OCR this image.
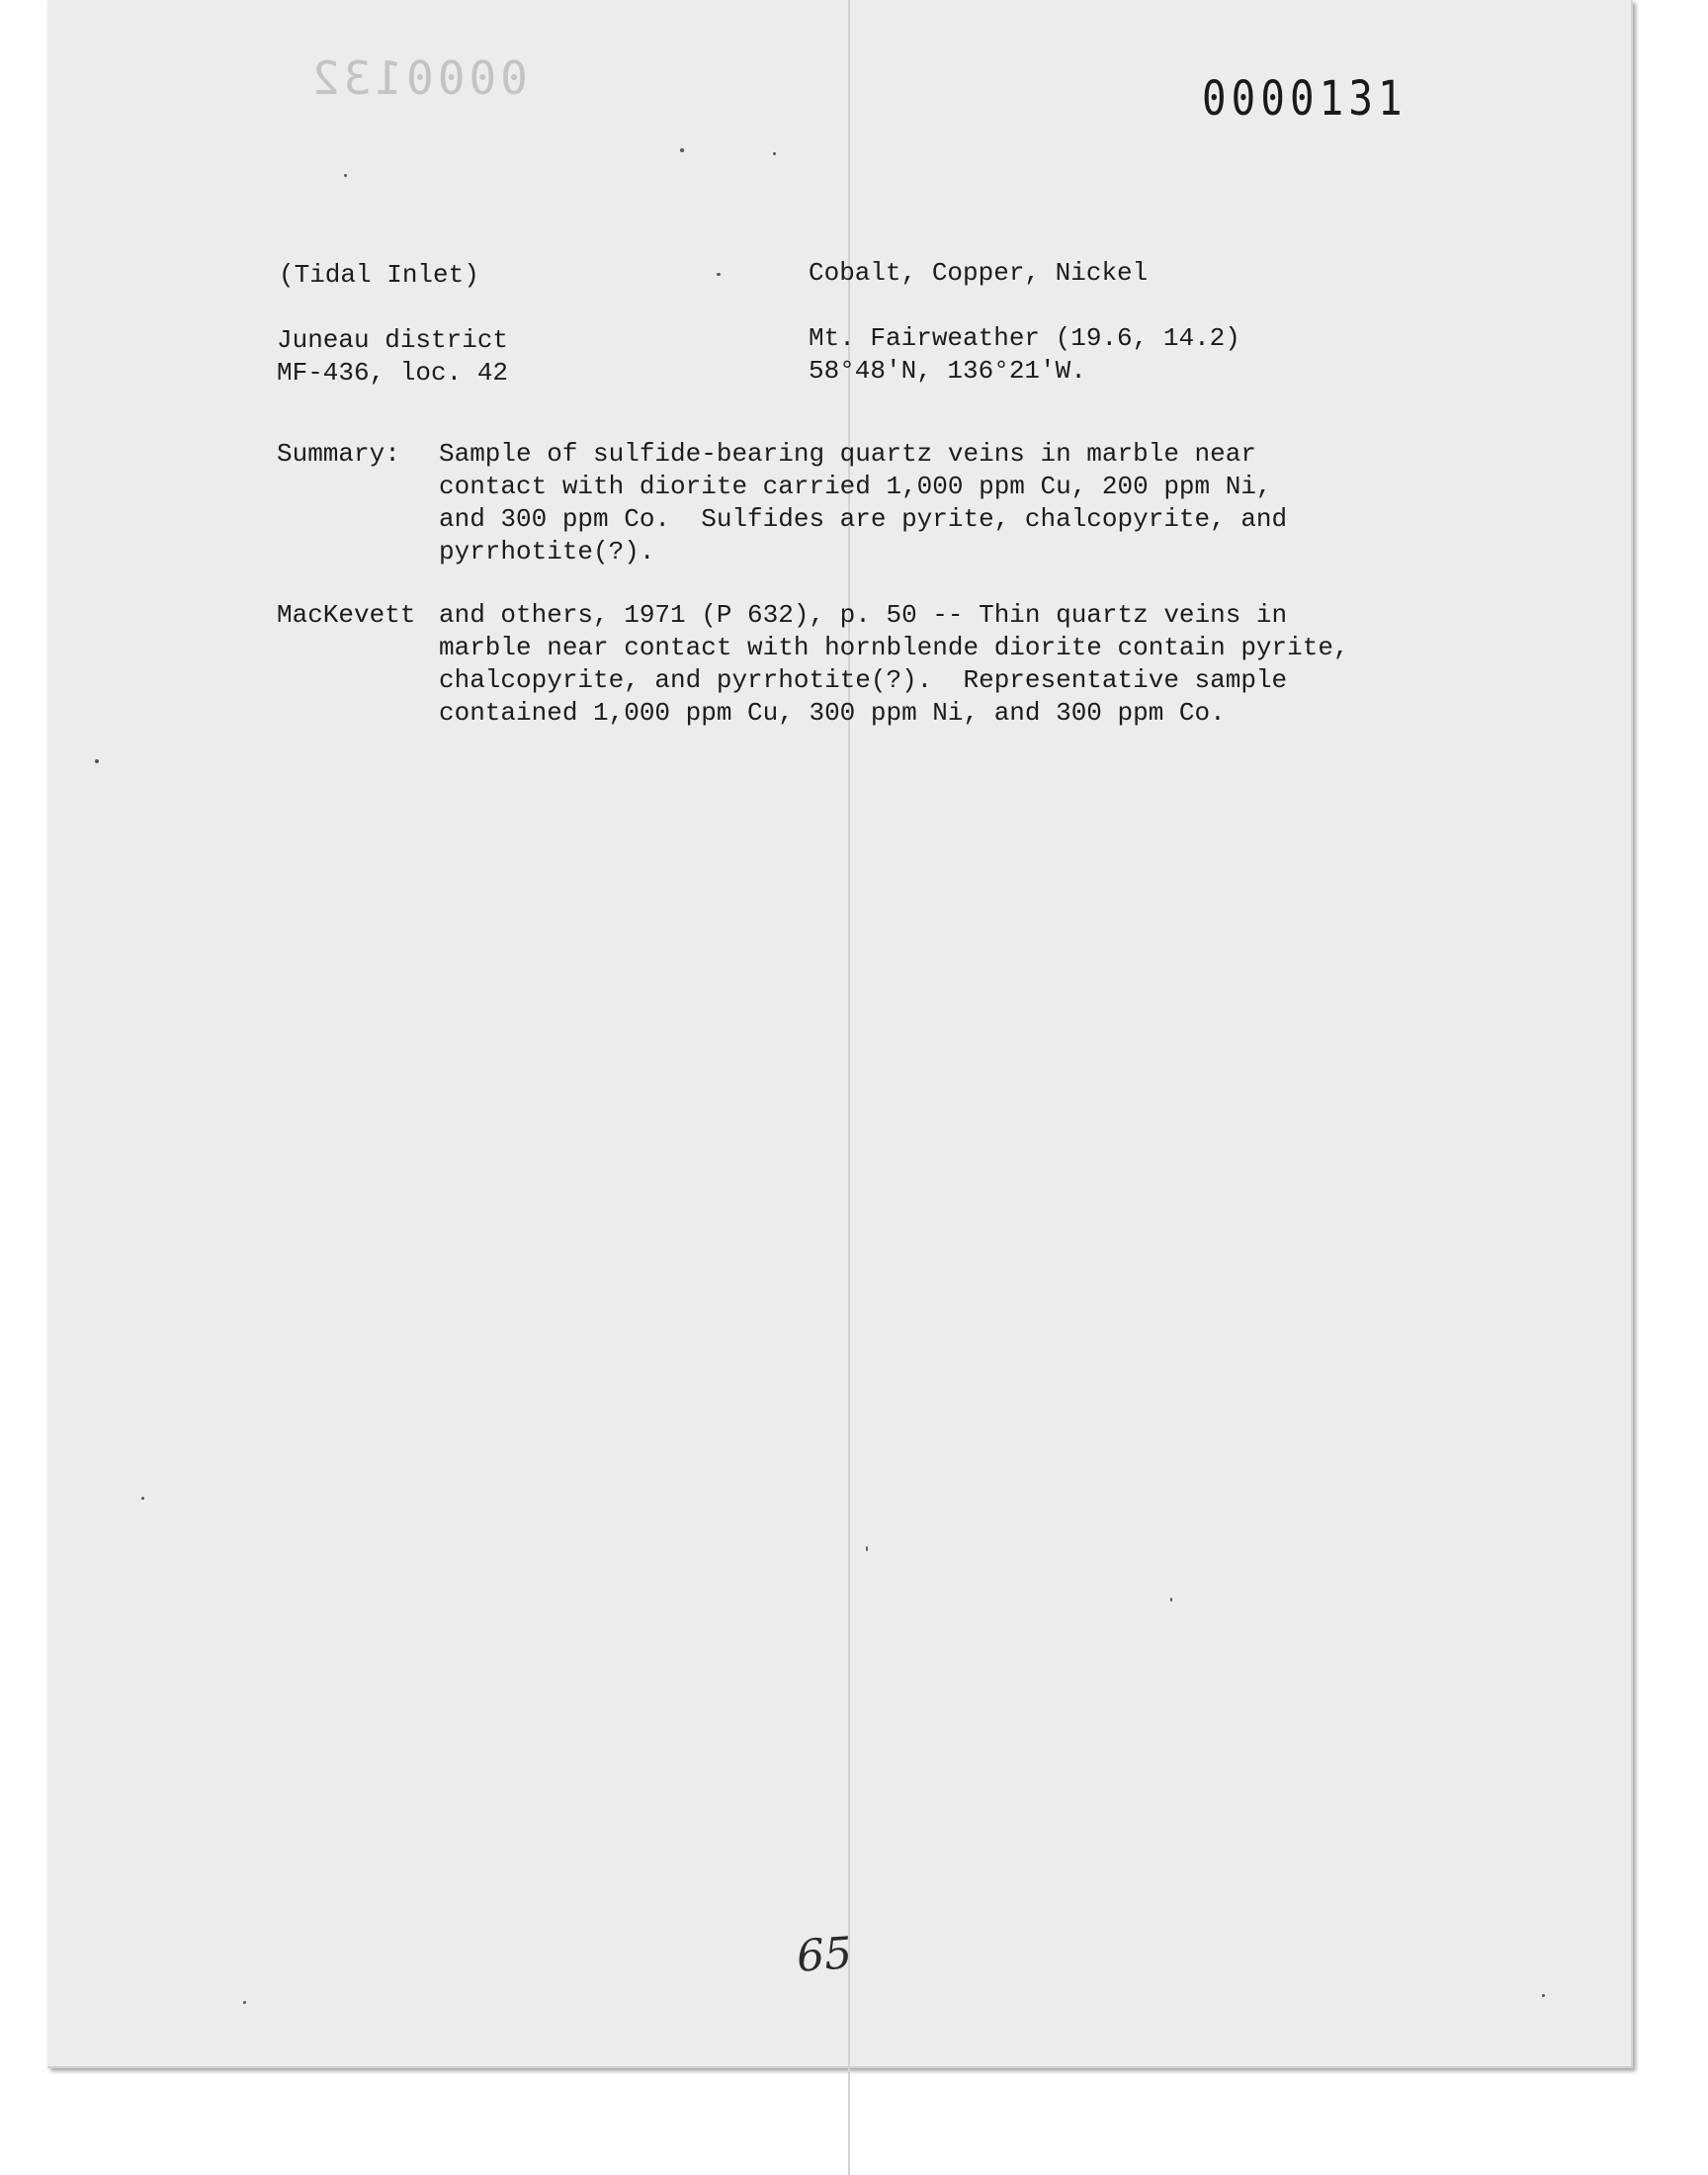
0000132	0000131
(Tidal Inlet)	Cobalt, Copper, Nickel
Juneau district
MF-436, loc. 42
Mt. Fairweather (19.6, 14.2)
58°48'N, 136°21'W.
Summary: Sample of sulfide-bearing quartz veins in marble near
contact with diorite carried 1,000 ppm Cu, 200 ppm Ni,
and 300 ppm Co.  Sulfides are pyrite, chalcopyrite, and
pyrrhotite(?).
MacKevett and others, 1971 (P 632), p. 50 -- Thin quartz veins in
marble near contact with hornblende diorite contain pyrite,
chalcopyrite, and pyrrhotite(?).  Representative sample
contained 1,000 ppm Cu, 300 ppm Ni, and 300 ppm Co.
65
